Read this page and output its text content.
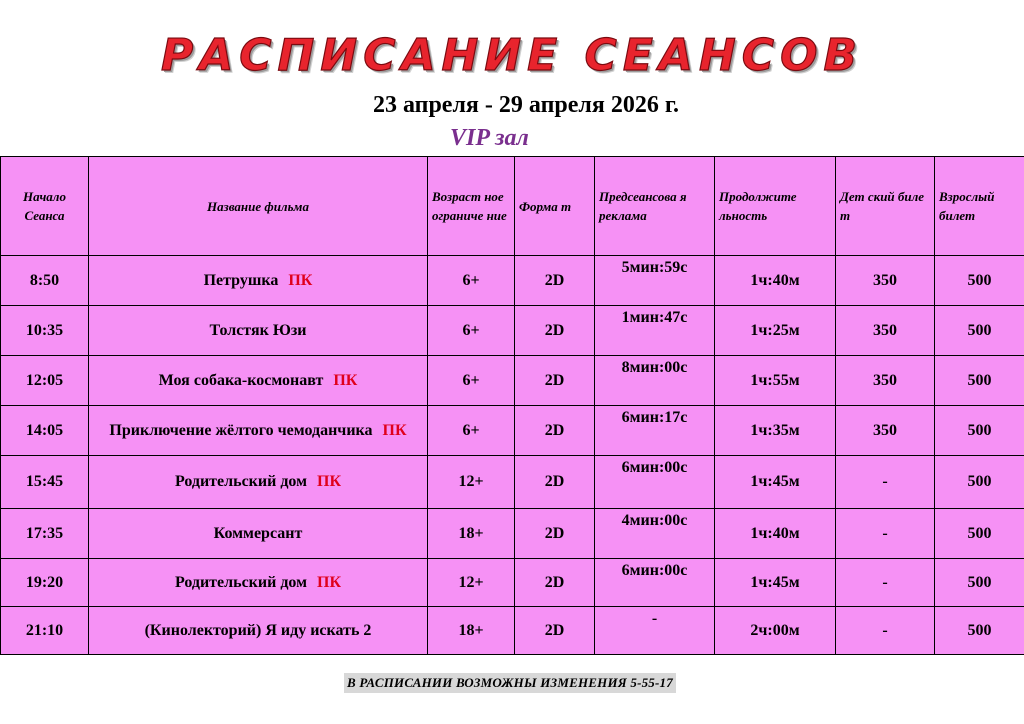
РАСПИСАНИЕ СЕАНСОВ
23 апреля - 29 апреля 2026 г.
VIP зал
Начало Сеанса	Название фильма	Возраст ное ограниче ние	Форма т	Предсеансова я реклама	Продолжите льность	Дет ский биле т	Взрослый билет
8:50	Петрушка ПК	6+	2D	5мин:59с	1ч:40м	350	500
10:35	Толстяк Юзи	6+	2D	1мин:47с	1ч:25м	350	500
12:05	Моя собака-космонавт ПК	6+	2D	8мин:00с	1ч:55м	350	500
14:05	Приключение жёлтого чемоданчика ПК	6+	2D	6мин:17с	1ч:35м	350	500
15:45	Родительский дом ПК	12+	2D	6мин:00с	1ч:45м	-	500
17:35	Коммерсант	18+	2D	4мин:00с	1ч:40м	-	500
19:20	Родительский дом ПК	12+	2D	6мин:00с	1ч:45м	-	500
21:10	(Кинолекторий) Я иду искать 2	18+	2D	-	2ч:00м	-	500
В РАСПИСАНИИ ВОЗМОЖНЫ ИЗМЕНЕНИЯ 5-55-17
